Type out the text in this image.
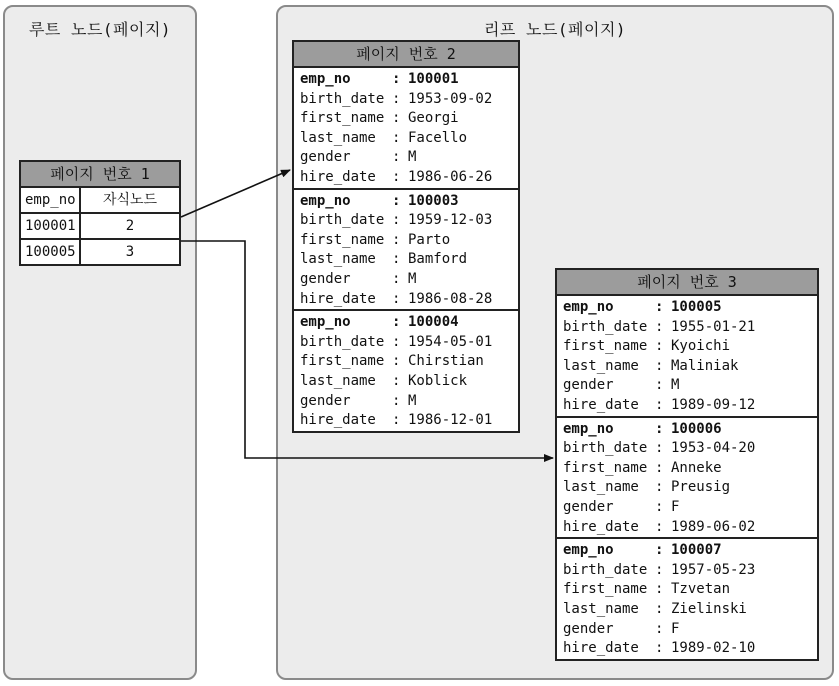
루트 노드(페이지)	리프 노드(페이지)
페이지 번호 1
emp_no	자식노드
100001	2
100005	3
페이지 번호 2
emp_no	: 100001
birth_date : 1953-09-02
first_name : Georgi
last_name	: Facello
gender	: M
hire_date	: 1986-06-26
emp_no	: 100003
birth_date : 1959-12-03
first_name : Parto
last_name	: Bamford
gender	: M
hire_date	: 1986-08-28
emp_no	: 100004
birth_date : 1954-05-01
first_name : Chirstian
last_name	: Koblick
gender	: M
hire_date	: 1986-12-01
페이지 번호 3
emp_no	: 100005
birth_date : 1955-01-21
first_name : Kyoichi
last_name	: Maliniak
gender	: M
hire_date	: 1989-09-12
emp_no	: 100006
birth_date : 1953-04-20
first_name : Anneke
last_name	: Preusig
gender	: F
hire_date	: 1989-06-02
emp_no	: 100007
birth_date : 1957-05-23
first_name : Tzvetan
last_name	: Zielinski
gender	: F
hire_date	: 1989-02-10
